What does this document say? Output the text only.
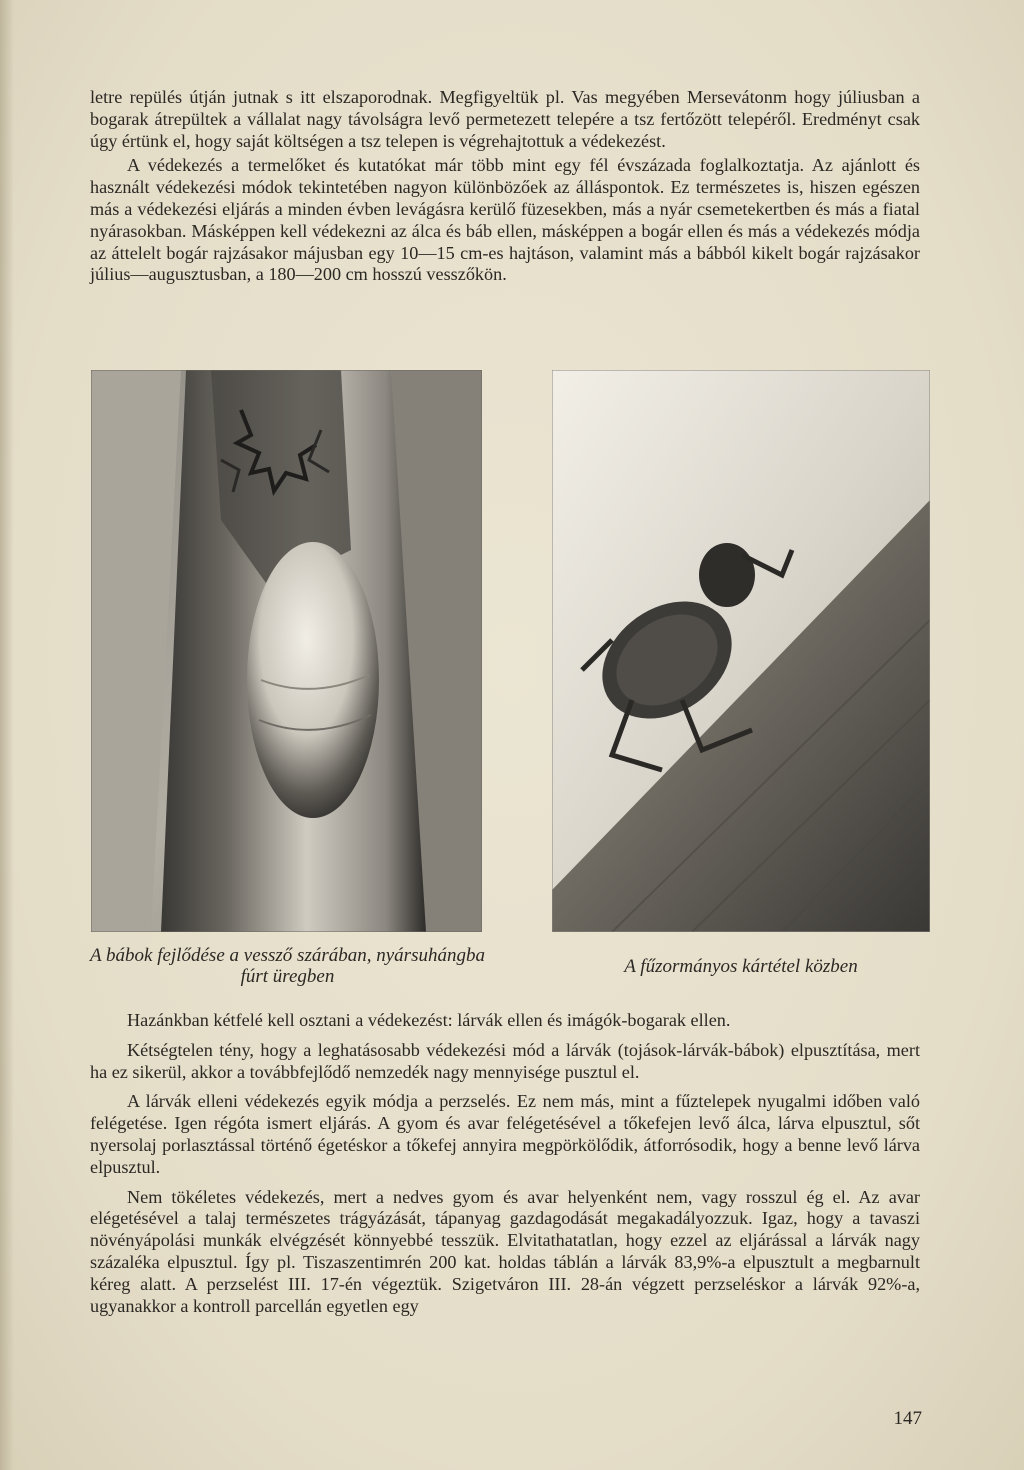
letre repülés útján jutnak s itt elszaporodnak. Megfigyeltük pl. Vas megyében Mersevátonm hogy júliusban a bogarak átrepültek a vállalat nagy távolságra levő permetezett telepére a tsz fertőzött telepéről. Eredményt csak úgy értünk el, hogy saját költségen a tsz telepen is végrehajtottuk a védekezést.

A védekezés a termelőket és kutatókat már több mint egy fél évszázada foglalkoztatja. Az ajánlott és használt védekezési módok tekintetében nagyon különbözőek az álláspontok. Ez természetes is, hiszen egészen más a védekezési eljárás a minden évben levágásra kerülő füzesekben, más a nyár csemetekertben és más a fiatal nyárasokban. Másképpen kell védekezni az álca és báb ellen, másképpen a bogár ellen és más a védekezés módja az áttelelt bogár rajzásakor májusban egy 10—15 cm-es hajtáson, valamint más a bábból kikelt bogár rajzásakor július—augusztusban, a 180—200 cm hosszú vesszőkön.

A bábok fejlődése a vessző szárában, nyársuhángba fúrt üregben	A fűzormányos kártétel közben

Hazánkban kétfelé kell osztani a védekezést: lárvák ellen és imágók-bogarak ellen.

Kétségtelen tény, hogy a leghatásosabb védekezési mód a lárvák (tojások-lárvák-bábok) elpusztítása, mert ha ez sikerül, akkor a továbbfejlődő nemzedék nagy mennyisége pusztul el.

A lárvák elleni védekezés egyik módja a perzselés. Ez nem más, mint a fűztelepek nyugalmi időben való felégetése. Igen régóta ismert eljárás. A gyom és avar felégetésével a tőkefejen levő álca, lárva elpusztul, sőt nyersolaj porlasztással történő égetéskor a tőkefej annyira megpörkölődik, átforrósodik, hogy a benne levő lárva elpusztul.

Nem tökéletes védekezés, mert a nedves gyom és avar helyenként nem, vagy rosszul ég el. Az avar elégetésével a talaj természetes trágyázását, tápanyag gazdagodását megakadályozzuk. Igaz, hogy a tavaszi növényápolási munkák elvégzését könnyebbé tesszük. Elvitathatatlan, hogy ezzel az eljárással a lárvák nagy százaléka elpusztul. Így pl. Tiszaszentimrén 200 kat. holdas táblán a lárvák 83,9%-a elpusztult a megbarnult kéreg alatt. A perzselést III. 17-én végeztük. Szigetváron III. 28-án végzett perzseléskor a lárvák 92%-a, ugyanakkor a kontroll parcellán egyetlen egy

147
